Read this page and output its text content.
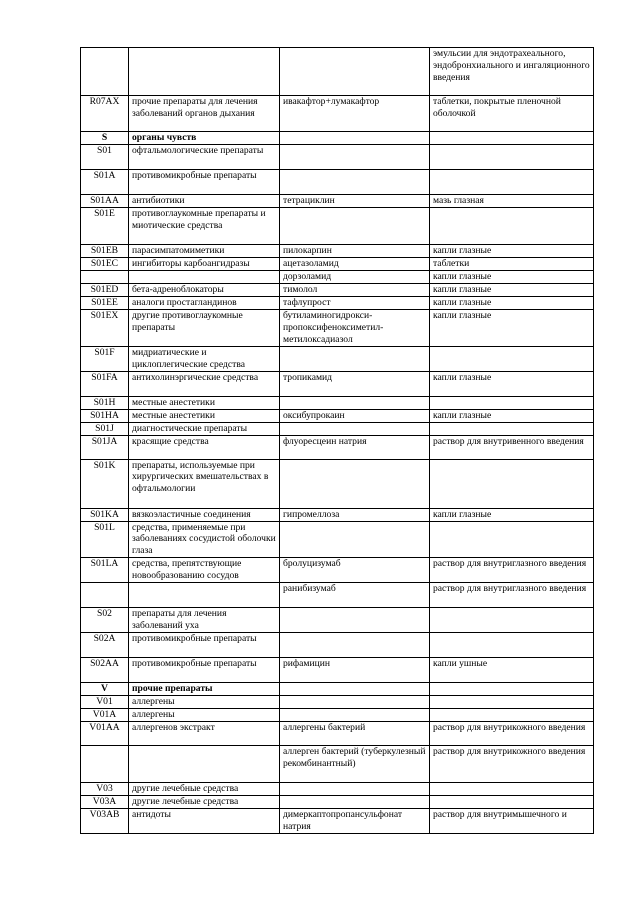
			эмульсии для эндотрахеального, эндобронхиального и ингаляционного введения
R07AX	прочие препараты для лечения заболеваний органов дыхания	ивакафтор+лумакафтор	таблетки, покрытые пленочной оболочкой
S	органы чувств		
S01	офтальмологические препараты		
S01A	противомикробные препараты		
S01AA	антибиотики	тетрациклин	мазь глазная
S01E	противоглаукомные препараты и миотические средства		
S01EB	парасимпатомиметики	пилокарпин	капли глазные
S01EC	ингибиторы карбоангидразы	ацетазоламид	таблетки
		дорзоламид	капли глазные
S01ED	бета-адреноблокаторы	тимолол	капли глазные
S01EE	аналоги простагландинов	тафлупрост	капли глазные
S01EX	другие противоглаукомные препараты	бутиламиногидрокси-пропоксифеноксиметил-метилоксадиазол	капли глазные
S01F	мидриатические и циклоплегические средства		
S01FA	антихолинэргические средства	тропикамид	капли глазные
S01H	местные анестетики		
S01HA	местные анестетики	оксибупрокаин	капли глазные
S01J	диагностические препараты		
S01JA	красящие средства	флуоресцеин натрия	раствор для внутривенного введения
S01K	препараты, используемые при хирургических вмешательствах в офтальмологии		
S01KA	вязкоэластичные соединения	гипромеллоза	капли глазные
S01L	средства, применяемые при заболеваниях сосудистой оболочки глаза		
S01LA	средства, препятствующие новообразованию сосудов	бролуцизумаб	раствор для внутриглазного введения
		ранибизумаб	раствор для внутриглазного введения
S02	препараты для лечения заболеваний уха		
S02A	противомикробные препараты		
S02AA	противомикробные препараты	рифамицин	капли ушные
V	прочие препараты		
V01	аллергены		
V01A	аллергены		
V01AA	аллергенов экстракт	аллергены бактерий	раствор для внутрикожного введения
		аллерген бактерий (туберкулезный рекомбинантный)	раствор для внутрикожного введения
V03	другие лечебные средства		
V03A	другие лечебные средства		
V03AB	антидоты	димеркаптопропансульфонат натрия	раствор для внутримышечного и
